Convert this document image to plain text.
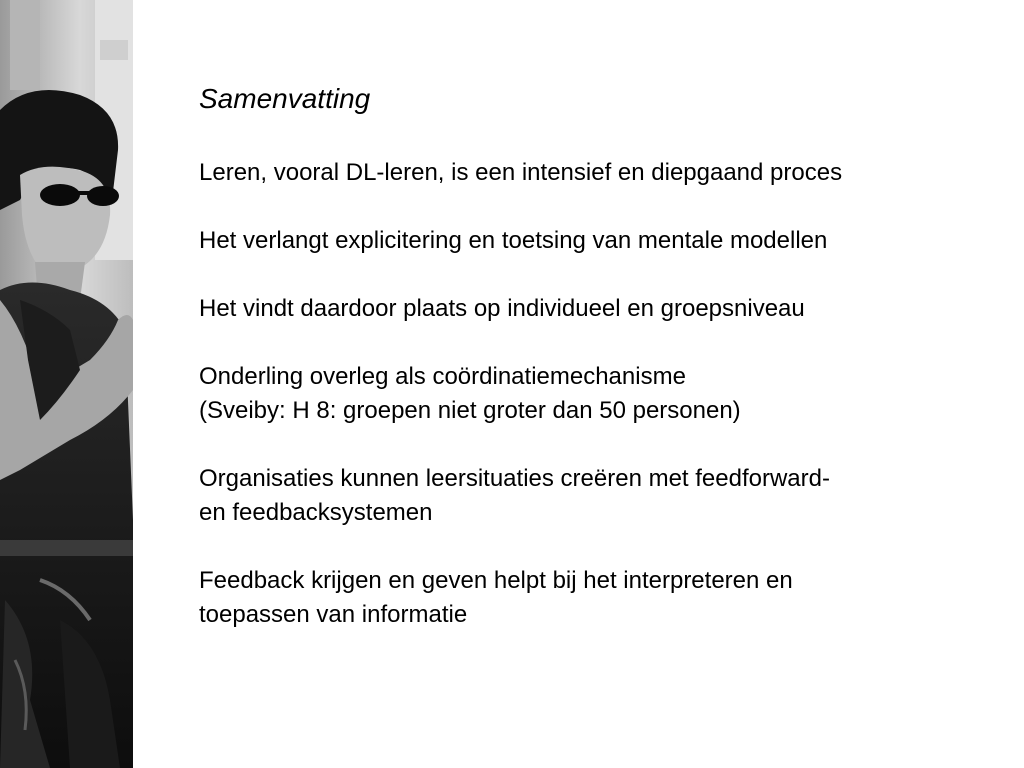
Samenvatting
Leren, vooral DL-leren, is een intensief en diepgaand proces
Het verlangt explicitering en toetsing van mentale modellen
Het vindt daardoor plaats op individueel en groepsniveau
Onderling overleg als coördinatiemechanisme
(Sveiby: H 8: groepen niet groter dan 50 personen)
Organisaties kunnen leersituaties creëren met feedforward-
en feedbacksystemen
Feedback krijgen en geven helpt bij het interpreteren en
toepassen van informatie
